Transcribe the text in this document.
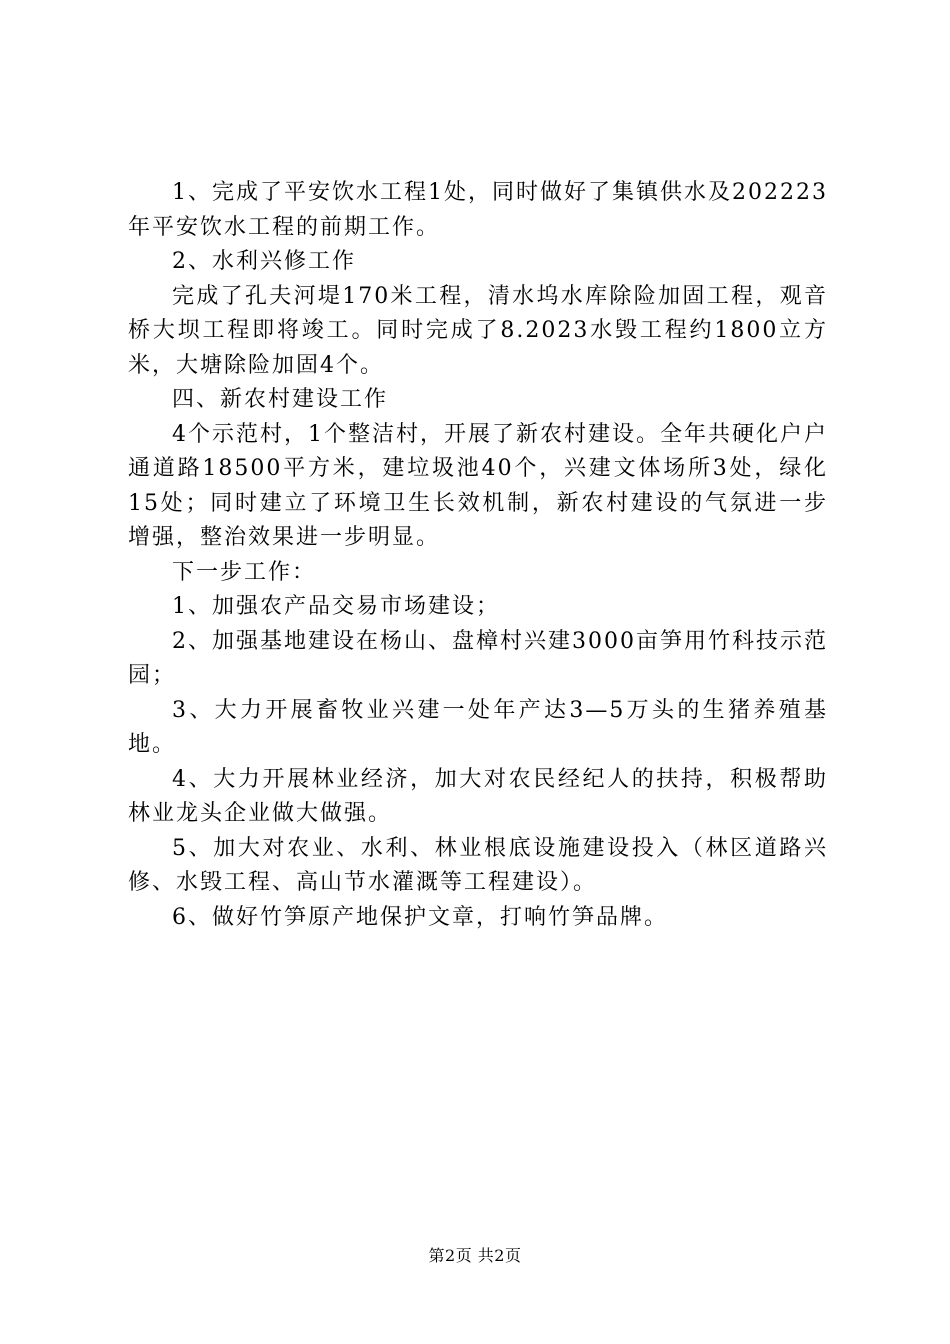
1、完成了平安饮水工程1处，同时做好了集镇供水及202223年平安饮水工程的前期工作。

2、水利兴修工作

完成了孔夫河堤170米工程，清水坞水库除险加固工程，观音桥大坝工程即将竣工。同时完成了8.2023水毁工程约1800立方米，大塘除险加固4个。

四、新农村建设工作

4个示范村，1个整洁村，开展了新农村建设。全年共硬化户户通道路18500平方米，建垃圾池40个，兴建文体场所3处，绿化15处；同时建立了环境卫生长效机制，新农村建设的气氛进一步增强，整治效果进一步明显。

下一步工作：

1、加强农产品交易市场建设；

2、加强基地建设在杨山、盘樟村兴建3000亩笋用竹科技示范园；

3、大力开展畜牧业兴建一处年产达3—5万头的生猪养殖基地。

4、大力开展林业经济，加大对农民经纪人的扶持，积极帮助林业龙头企业做大做强。

5、加大对农业、水利、林业根底设施建设投入（林区道路兴修、水毁工程、高山节水灌溉等工程建设）。

6、做好竹笋原产地保护文章，打响竹笋品牌。

第2页 共2页
